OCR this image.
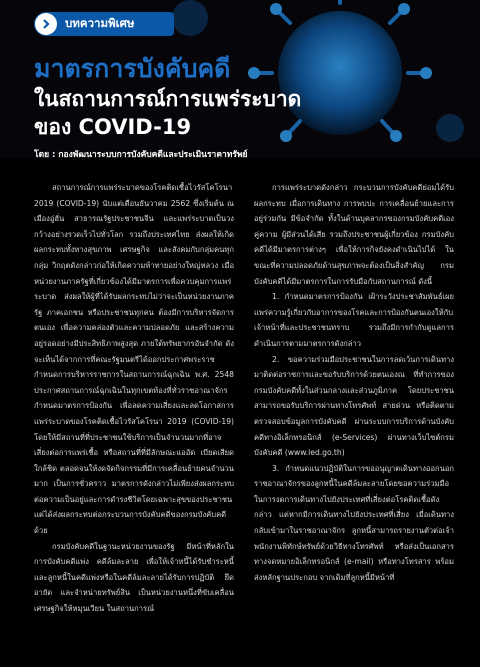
บทความพิเศษ
มาตรการบังคับคดี
ในสถานการณ์การแพร่ระบาด
ของ COVID-19
โดย : กองพัฒนาระบบการบังคับคดีและประเมินราคาทรัพย์

สถานการณ์การแพร่ระบาดของโรคติดเชื้อไวรัสโคโรนา 2019 (COVID-19) นับแต่เดือนธันวาคม 2562 ซึ่งเริ่มต้น ณ เมืองอู่ฮั่น สาธารณรัฐประชาชนจีน และแพร่ระบาดเป็นวงกว้างอย่างรวดเร็วไปทั่วโลก รวมถึงประเทศไทย ส่งผลให้เกิดผลกระทบทั้งทางสุขภาพ เศรษฐกิจ และสังคมกับกลุ่มคนทุกกลุ่ม วิกฤตดังกล่าวก่อให้เกิดความท้าทายอย่างใหญ่หลวง เมื่อหน่วยงานภาครัฐที่เกี่ยวข้องได้มีมาตรการเพื่อควบคุมการแพร่ระบาด ส่งผลให้ผู้ที่ได้รับผลกระทบไม่ว่าจะเป็นหน่วยงานภาครัฐ ภาคเอกชน หรือประชาชนทุกคน ต้องมีการบริหารจัดการตนเอง เพื่อความคล่องตัวและความปลอดภัย และสร้างความอยู่รอดอย่างมีประสิทธิภาพสูงสุด ภายใต้ทรัพยากรอันจำกัด ดังจะเห็นได้จากการที่คณะรัฐมนตรีได้ออกประกาศพระราชกำหนดการบริหารราชการในสถานการณ์ฉุกเฉิน พ.ศ. 2548 ประกาศสถานการณ์ฉุกเฉินในทุกเขตท้องที่ทั่วราชอาณาจักร กำหนดมาตรการป้องกัน เพื่อลดความเสี่ยงและลดโอกาสการแพร่ระบาดของโรคติดเชื้อไวรัสโคโรนา 2019 (COVID-19) โดยให้มีสถานที่ที่ประชาชนใช้บริการเป็นจำนวนมากที่อาจเสี่ยงต่อการแพร่เชื้อ หรือสถานที่ที่มีลักษณะแออัด เบียดเสียด ใกล้ชิด ตลอดจนให้งดจัดกิจกรรมที่มีการเคลื่อนย้ายคนจำนวนมาก เป็นการชั่วคราว มาตรการดังกล่าวไม่เพียงส่งผลกระทบต่อความเป็นอยู่และการดำรงชีวิตโดยเฉพาะสุขของประชาชน แต่ได้ส่งผลกระทบต่อกระบวนการบังคับคดีของกรมบังคับคดีด้วย

กรมบังคับคดีในฐานะหน่วยงานของรัฐ มีหน้าที่หลักในการบังคับคดีแพ่ง คดีล้มละลาย เพื่อให้เจ้าหนี้ได้รับชำระหนี้ และลูกหนี้ในคดีแพ่งหรือในคดีล้มละลายได้รับการปฏิบัติ ยึด อายัด และจำหน่ายทรัพย์สิน เป็นหน่วยงานหนึ่งที่ขับเคลื่อนเศรษฐกิจให้หมุนเวียน ในสถานการณ์

การแพร่ระบาดดังกล่าว กระบวนการบังคับคดีย่อมได้รับผลกระทบ เมื่อการเดินทาง การพบปะ การเคลื่อนย้ายและการอยู่ร่วมกัน มีข้อจำกัด ทั้งในด้านบุคลากรของกรมบังคับคดีเอง คู่ความ ผู้มีส่วนได้เสีย รวมถึงประชาชนผู้เกี่ยวข้อง กรมบังคับคดีได้มีมาตรการต่างๆ เพื่อให้การกิจยังคงดำเนินไปได้ ในขณะที่ความปลอดภัยด้านสุขภาพจะต้องเป็นสิ่งสำคัญ กรมบังคับคดีได้มีมาตรการในการรับมือกับสถานการณ์ ดังนี้

1. กำหนดมาตรการป้องกัน เฝ้าระวังประชาสัมพันธ์เผยแพร่ความรู้เกี่ยวกับอาการของโรคและการป้องกันตนเองให้กับเจ้าหน้าที่และประชาชนทราบ รวมถึงมีการกำกับดูแลการดำเนินการตามมาตรการดังกล่าว

2. ขอความร่วมมือประชาชนในการลดเว้นการเดินทางมาติดต่อราชการและขอรับบริการด้วยตนเองณ ที่ทำการของกรมบังคับคดีทั้งในส่วนกลางและส่วนภูมิภาค โดยประชาชนสามารถขอรับบริการผ่านทางโทรศัพท์ สายด่วน หรือติดตามตรวจสอบข้อมูลการบังคับคดี ผ่านระบบการบริการด้านบังคับคดีทางอิเล็กทรอนิกส์ (e-Services) ผ่านทางเว็บไซต์กรมบังคับคดี (www.led.go.th)

3. กำหนดแนวปฏิบัติในการขออนุญาตเดินทางออกนอกราชอาณาจักรของลูกหนี้ในคดีล้มละลายโดยขอความร่วมมือในการงดการเดินทางไปยังประเทศที่เสี่ยงต่อโรคติดเชื้อดังกล่าว แต่หากมีการเดินทางไปยังประเทศที่เสี่ยง เมื่อเดินทางกลับเข้ามาในราชอาณาจักร ลูกหนี้สามารถรายงานตัวต่อเจ้าพนักงานพิทักษ์ทรัพย์ด้วยวิธีทางโทรศัพท์ หรือส่งเป็นเอกสารทางจดหมายอิเล็กทรอนิกส์ (e-mail) หรือทางโทรสาร พร้อมส่งหลักฐานประกอบ จากเดิมที่ลูกหนี้มีหน้าที่
